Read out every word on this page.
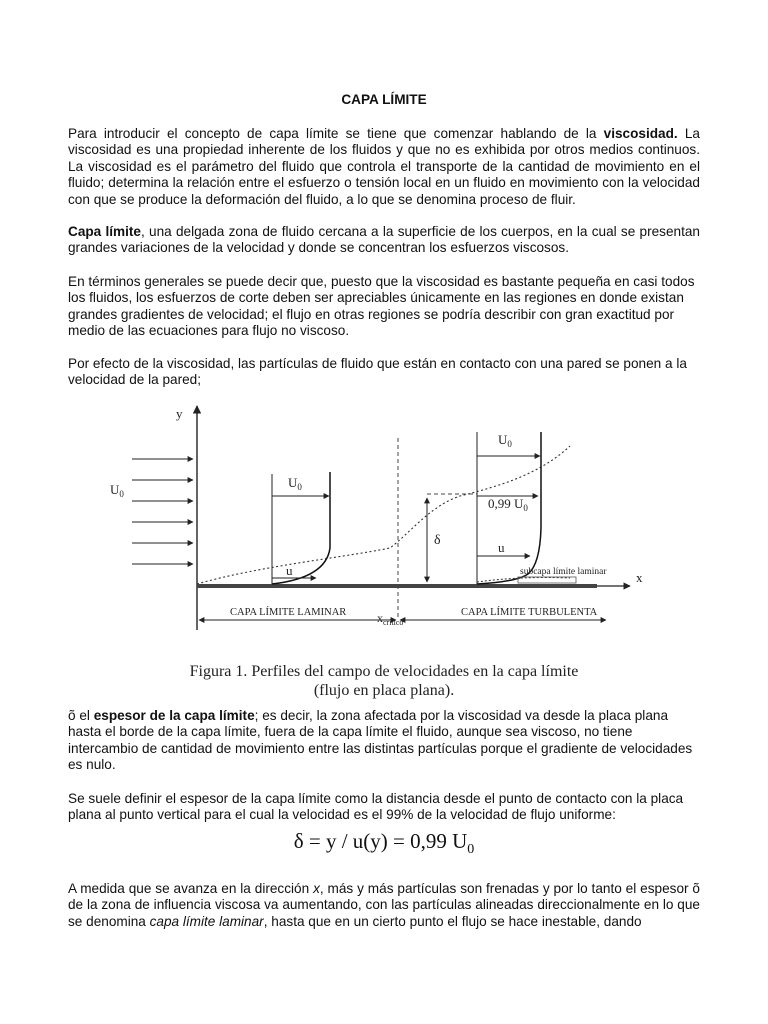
CAPA LÍMITE

Para introducir el concepto de capa límite se tiene que comenzar hablando de la viscosidad. La viscosidad es una propiedad inherente de los fluidos y que no es exhibida por otros medios continuos. La viscosidad es el parámetro del fluido que controla el transporte de la cantidad de movimiento en el fluido; determina la relación entre el esfuerzo o tensión local en un fluido en movimiento con la velocidad con que se produce la deformación del fluido, a lo que se denomina proceso de fluir.

Capa límite, una delgada zona de fluido cercana a la superficie de los cuerpos, en la cual se presentan grandes variaciones de la velocidad y donde se concentran los esfuerzos viscosos.

En términos generales se puede decir que, puesto que la viscosidad es bastante pequeña en casi todos los fluidos, los esfuerzos de corte deben ser apreciables únicamente en las regiones en donde existan grandes gradientes de velocidad; el flujo en otras regiones se podría describir con gran exactitud por medio de las ecuaciones para flujo no viscoso.

Por efecto de la viscosidad, las partículas de fluido que están en contacto con una pared se ponen a la velocidad de la pared;

y
x
$U_0$
$U_0$
u
$U_0$
0,99 $U_0$
u
δ
subcapa límite laminar
CAPA LÍMITE LAMINAR	CAPA LÍMITE TURBULENTA
$x_{crítico}$
Figura 1. Perfiles del campo de velocidades en la capa límite
(flujo en placa plana).

õ el espesor de la capa límite; es decir, la zona afectada por la viscosidad va desde la placa plana hasta el borde de la capa límite, fuera de la capa límite el fluido, aunque sea viscoso, no tiene intercambio de cantidad de movimiento entre las distintas partículas porque el gradiente de velocidades es nulo.

Se suele definir el espesor de la capa límite como la distancia desde el punto de contacto con la placa plana al punto vertical para el cual la velocidad es el 99% de la velocidad de flujo uniforme:

δ = y / u(y) = 0,99 $U_0$

A medida que se avanza en la dirección x, más y más partículas son frenadas y por lo tanto el espesor õ de la zona de influencia viscosa va aumentando, con las partículas alineadas direccionalmente en lo que se denomina capa límite laminar, hasta que en un cierto punto el flujo se hace inestable, dando
